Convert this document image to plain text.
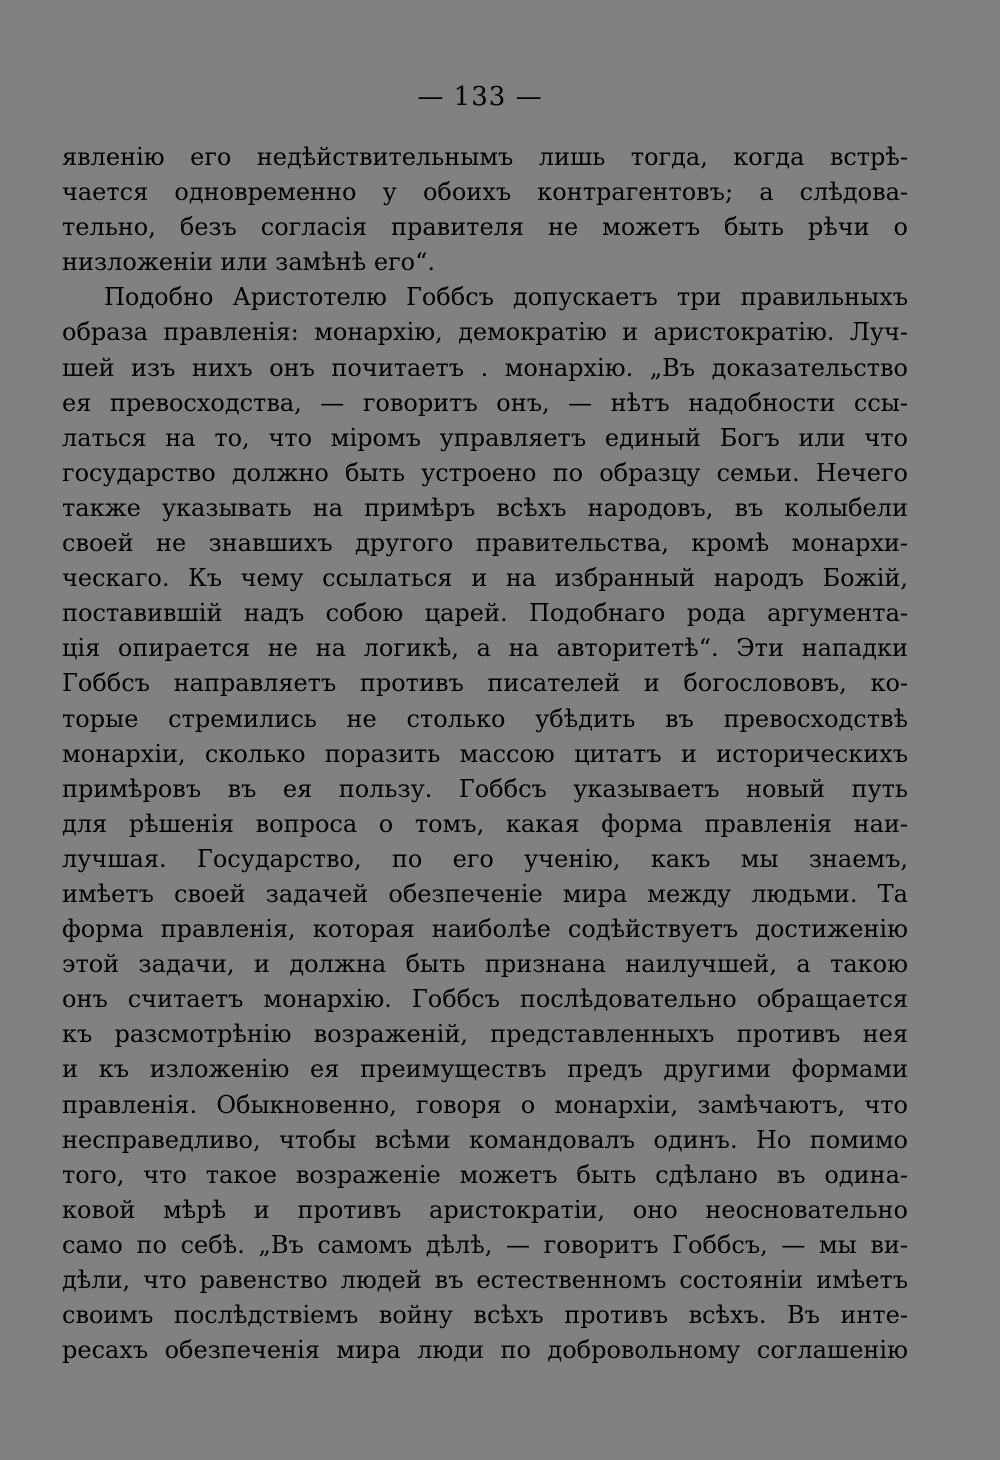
— 133 —
явленію его недѣйствительнымъ лишь тогда, когда встрѣ-
чается одновременно у обоихъ контрагентовъ; а слѣдова-
тельно, безъ согласія правителя не можетъ быть рѣчи о
низложеніи или замѣнѣ его“.
Подобно Аристотелю Гоббсъ допускаетъ три правильныхъ
образа правленія: монархію, демократію и аристократію. Луч-
шей изъ нихъ онъ почитаетъ . монархію. „Въ доказательство
ея превосходства, — говоритъ онъ, — нѣтъ надобности ссы-
латься на то, что міромъ управляетъ единый Богъ или что
государство должно быть устроено по образцу семьи. Нечего
также указывать на примѣръ всѣхъ народовъ, въ колыбели
своей не знавшихъ другого правительства, кромѣ монархи-
ческаго. Къ чему ссылаться и на избранный народъ Божій,
поставившій надъ собою царей. Подобнаго рода аргумента-
ція опирается не на логикѣ, а на авторитетѣ“. Эти нападки
Гоббсъ направляетъ противъ писателей и богослововъ, ко-
торые стремились не столько убѣдить въ превосходствѣ
монархіи, сколько поразить массою цитатъ и историческихъ
примѣровъ въ ея пользу. Гоббсъ указываетъ новый путь
для рѣшенія вопроса о томъ, какая форма правленія наи-
лучшая. Государство, по его ученію, какъ мы знаемъ,
имѣетъ своей задачей обезпеченіе мира между людьми. Та
форма правленія, которая наиболѣе содѣйствуетъ достиженію
этой задачи, и должна быть признана наилучшей, а такою
онъ считаетъ монархію. Гоббсъ послѣдовательно обращается
къ разсмотрѣнію возраженій, представленныхъ противъ нея
и къ изложенію ея преимуществъ предъ другими формами
правленія. Обыкновенно, говоря о монархіи, замѣчаютъ, что
несправедливо, чтобы всѣми командовалъ одинъ. Но помимо
того, что такое возраженіе можетъ быть сдѣлано въ одина-
ковой мѣрѣ и противъ аристократіи, оно неосновательно
само по себѣ. „Въ самомъ дѣлѣ, — говоритъ Гоббсъ, — мы ви-
дѣли, что равенство людей въ естественномъ состояніи имѣетъ
своимъ послѣдствіемъ войну всѣхъ противъ всѣхъ. Въ инте-
ресахъ обезпеченія мира люди по добровольному соглашенію
